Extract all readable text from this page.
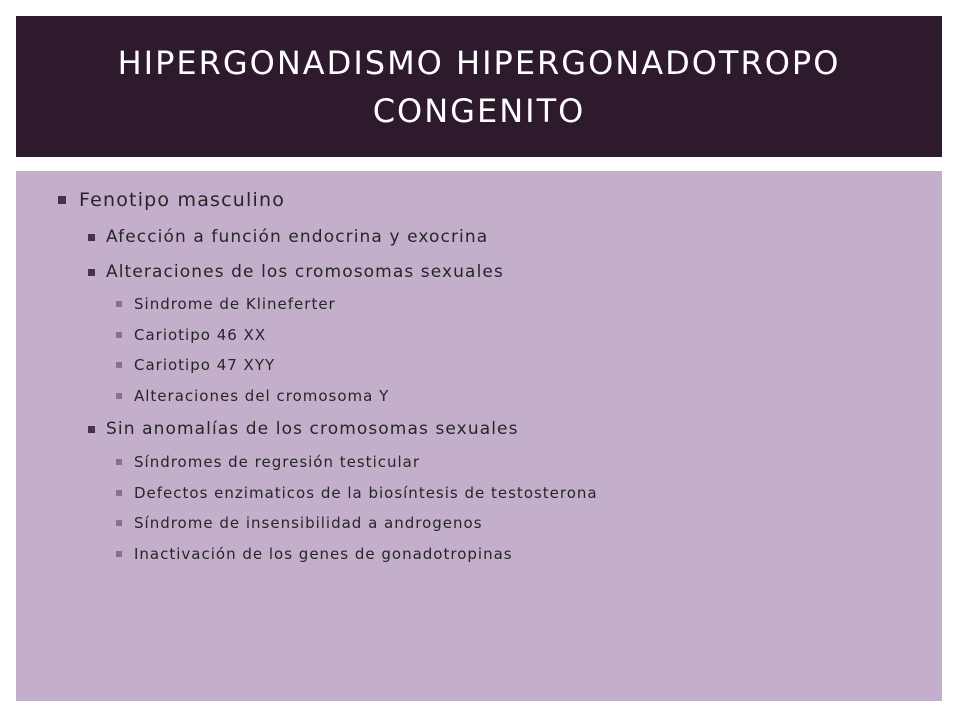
HIPERGONADISMO HIPERGONADOTROPO
CONGENITO
Fenotipo masculino
Afección a función endocrina y exocrina
Alteraciones de los cromosomas sexuales
Sindrome de Klineferter
Cariotipo 46 XX
Cariotipo 47 XYY
Alteraciones del cromosoma Y
Sin anomalías de los cromosomas sexuales
Síndromes de regresión testicular
Defectos enzimaticos de la biosíntesis de testosterona
Síndrome de insensibilidad a androgenos
Inactivación de los genes de gonadotropinas
